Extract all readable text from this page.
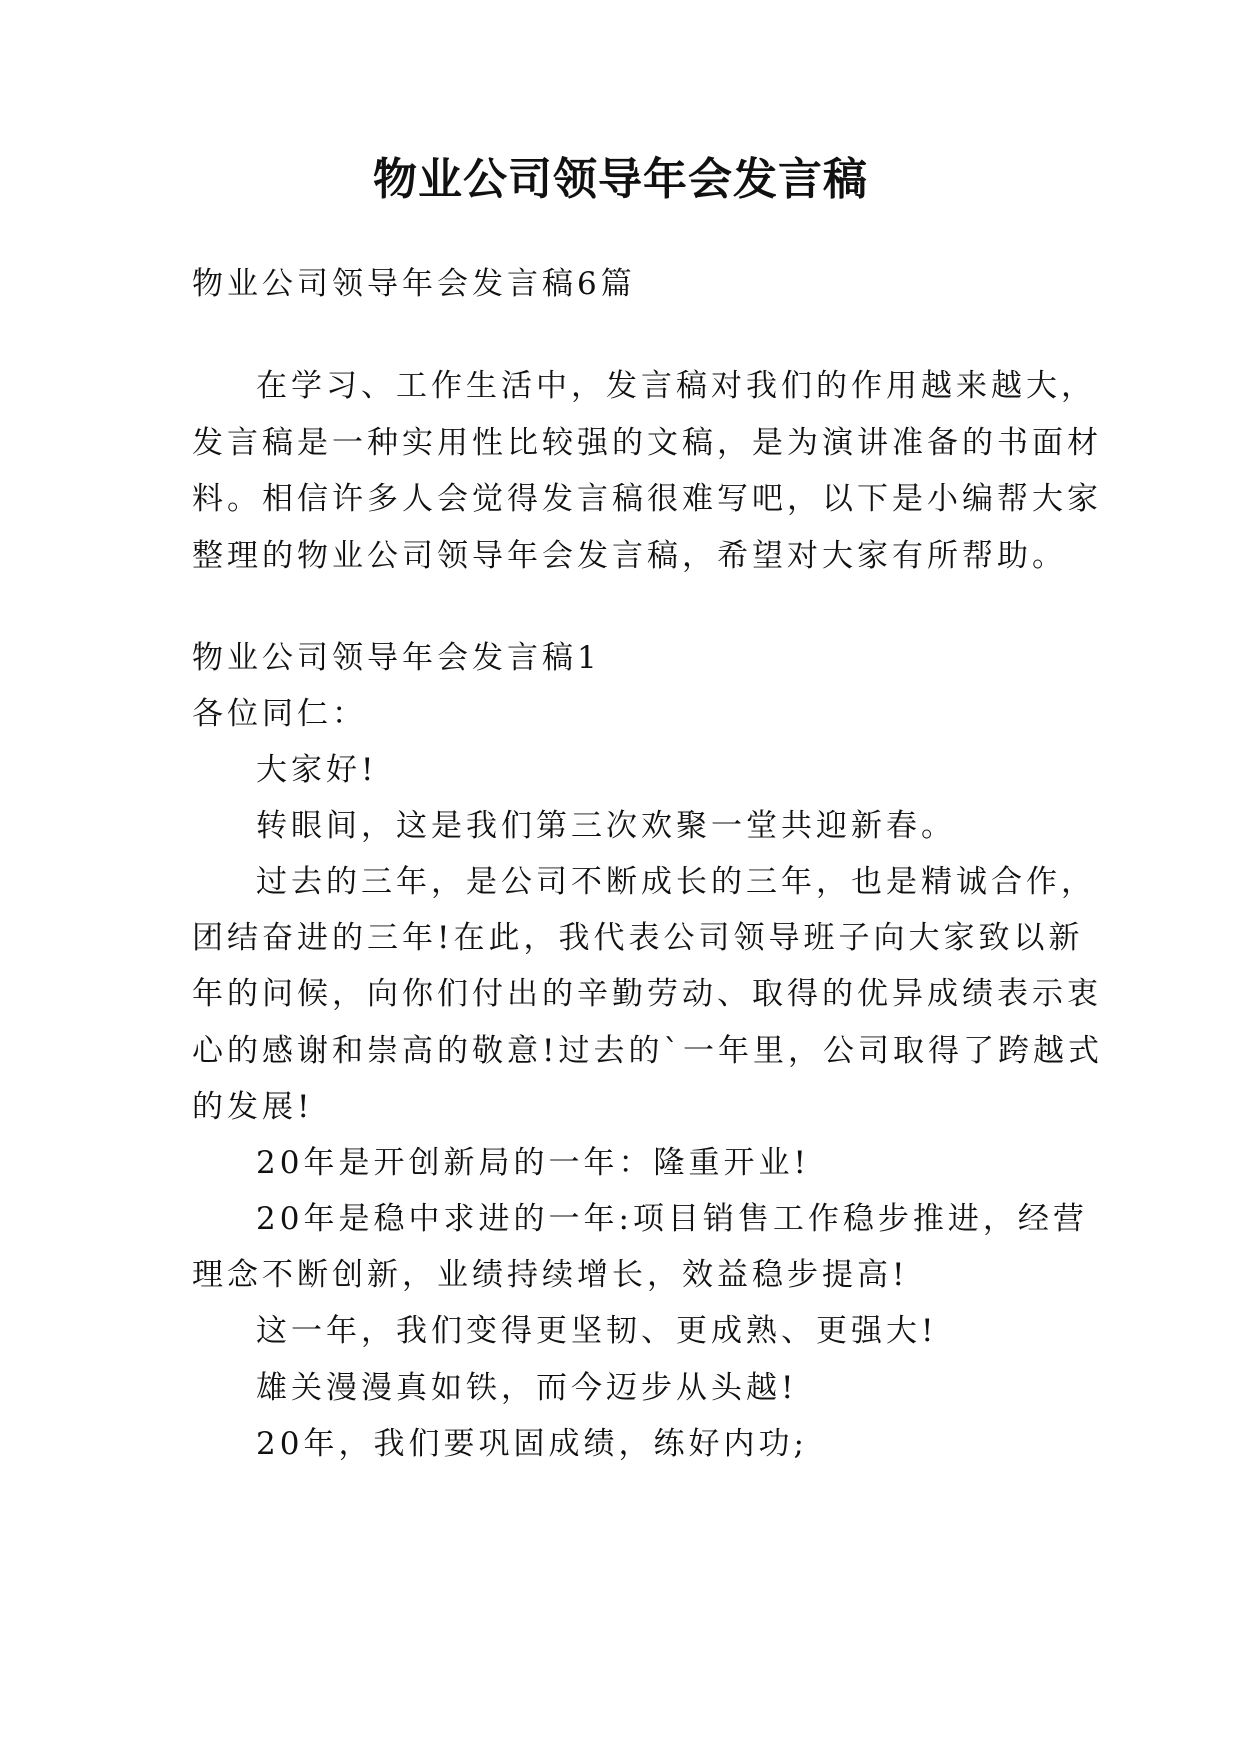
物业公司领导年会发言稿
物业公司领导年会发言稿6篇
在学习、工作生活中，发言稿对我们的作用越来越大，
发言稿是一种实用性比较强的文稿，是为演讲准备的书面材
料。相信许多人会觉得发言稿很难写吧，以下是小编帮大家
整理的物业公司领导年会发言稿，希望对大家有所帮助。
物业公司领导年会发言稿1
各位同仁：
大家好!
转眼间，这是我们第三次欢聚一堂共迎新春。
过去的三年，是公司不断成长的三年，也是精诚合作，
团结奋进的三年!在此，我代表公司领导班子向大家致以新
年的问候，向你们付出的辛勤劳动、取得的优异成绩表示衷
心的感谢和崇高的敬意!过去的`一年里，公司取得了跨越式
的发展!
20年是开创新局的一年：隆重开业!
20年是稳中求进的一年:项目销售工作稳步推进，经营
理念不断创新，业绩持续增长，效益稳步提高!
这一年，我们变得更坚韧、更成熟、更强大!
雄关漫漫真如铁，而今迈步从头越!
20年，我们要巩固成绩，练好内功;
